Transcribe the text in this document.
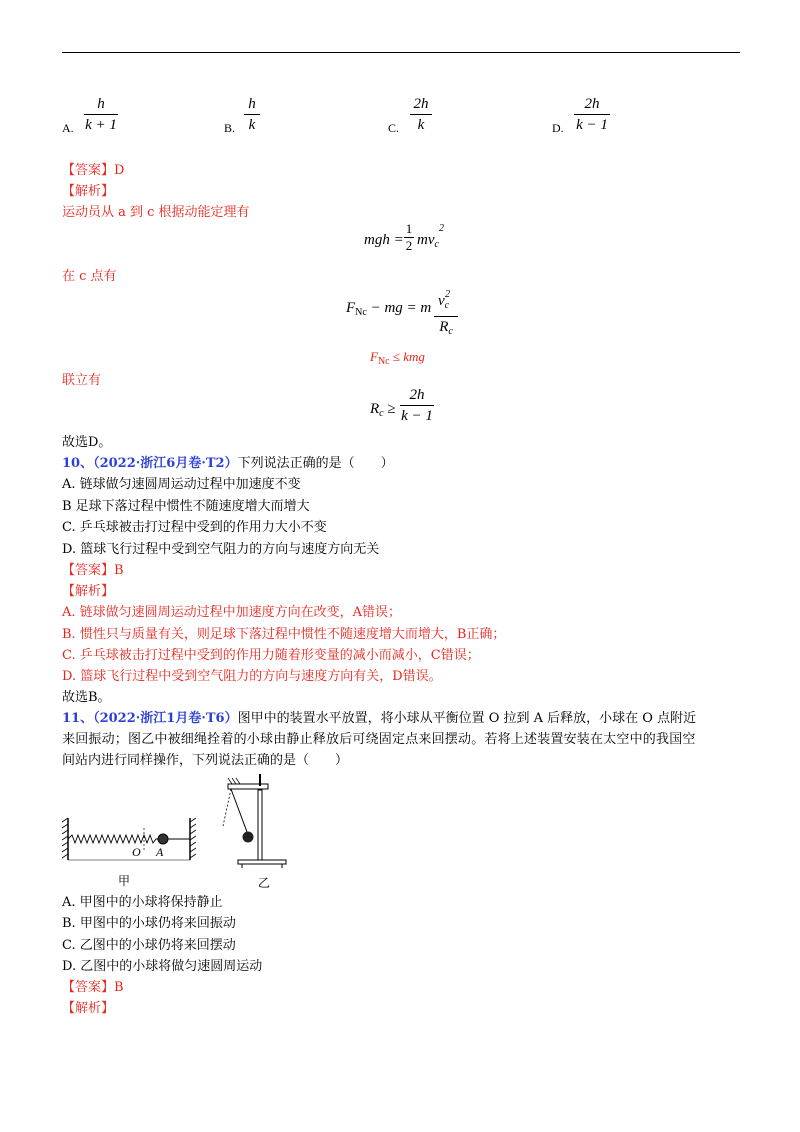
A.
h
k + 1	B.
h
k	C.
2h
k	D.
2h
k − 1
【答案】D
【解析】
运动员从 a 到 c 根据动能定理有
mgh =
1
2 $mv_c$
2
在 c 点有
$F_{Nc}$ − mg = m $v_c^2$
$R_c$
$F_{Nc}$ ≤ kmg
联立有
$R_c$ ≥
2h
k − 1
故选D。
10、（2022·浙江6月卷·T2）下列说法正确的是（　　）
A. 链球做匀速圆周运动过程中加速度不变
B 足球下落过程中惯性不随速度增大而增大
C. 乒乓球被击打过程中受到的作用力大小不变
D. 篮球飞行过程中受到空气阻力的方向与速度方向无关
【答案】B
【解析】
A. 链球做匀速圆周运动过程中加速度方向在改变，A错误；
B. 惯性只与质量有关，则足球下落过程中惯性不随速度增大而增大，B正确；
C. 乒乓球被击打过程中受到的作用力随着形变量的减小而减小，C错误；
D. 篮球飞行过程中受到空气阻力的方向与速度方向有关，D错误。
故选B。
11、（2022·浙江1月卷·T6）图甲中的装置水平放置，将小球从平衡位置 O 拉到 A 后释放，小球在 O 点附近
来回振动；图乙中被细绳拴着的小球由静止释放后可绕固定点来回摆动。若将上述装置安装在太空中的我国空
间站内进行同样操作，下列说法正确的是（　　）
O A
甲	乙
A. 甲图中的小球将保持静止
B. 甲图中的小球仍将来回振动
C. 乙图中的小球仍将来回摆动
D. 乙图中的小球将做匀速圆周运动
【答案】B
【解析】
